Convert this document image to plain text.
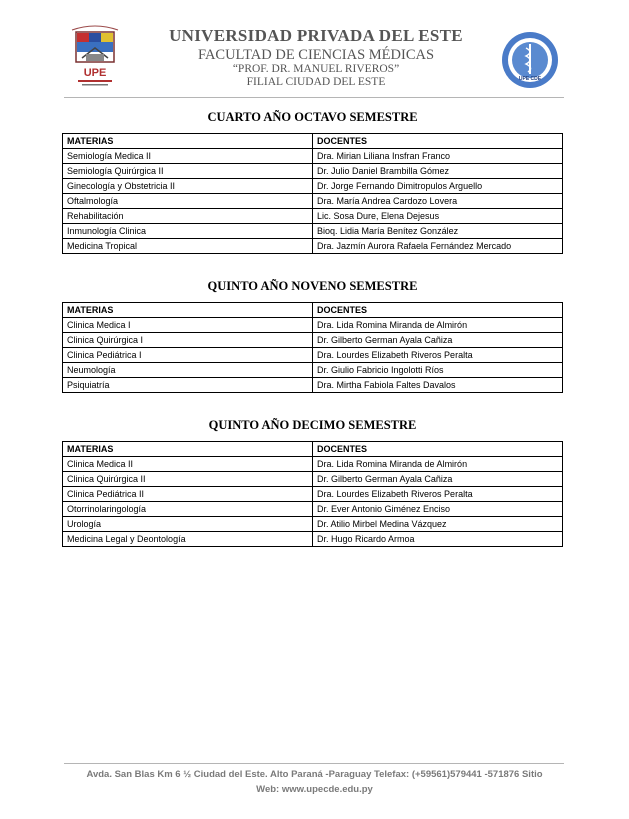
UPE
UNIVERSIDAD PRIVADA DEL ESTE
FACULTAD DE CIENCIAS MÉDICAS
“PROF. DR. MANUEL RIVEROS”
FILIAL CIUDAD DEL ESTE	UPE CDE
CUARTO AÑO OCTAVO SEMESTRE
MATERIAS	DOCENTES
Semiología Medica II	Dra. Mirian Liliana Insfran Franco
Semiología Quirúrgica II	Dr. Julio Daniel Brambilla Gómez
Ginecología y Obstetricia II	Dr. Jorge Fernando Dimitropulos Arguello
Oftalmología	Dra. María Andrea Cardozo Lovera
Rehabilitación	Lic. Sosa Dure, Elena Dejesus
Inmunología Clinica	Bioq. Lidia María Benítez González
Medicina Tropical	Dra. Jazmín Aurora Rafaela Fernández Mercado
QUINTO AÑO NOVENO SEMESTRE
MATERIAS	DOCENTES
Clinica Medica I	Dra. Lida Romina Miranda de Almirón
Clinica Quirúrgica I	Dr. Gilberto German Ayala Cañiza
Clinica Pediátrica I	Dra. Lourdes Elizabeth Riveros Peralta
Neumología	Dr. Giulio Fabricio Ingolotti Ríos
Psiquiatría	Dra. Mirtha Fabiola Faltes Davalos
QUINTO AÑO DECIMO SEMESTRE
MATERIAS	DOCENTES
Clinica Medica II	Dra. Lida Romina Miranda de Almirón
Clinica Quirúrgica II	Dr. Gilberto German Ayala Cañiza
Clinica Pediátrica II	Dra. Lourdes Elizabeth Riveros Peralta
Otorrinolaringología	Dr. Ever Antonio Giménez Enciso
Urología	Dr. Atilio Mirbel Medina Vázquez
Medicina Legal y Deontología	Dr. Hugo Ricardo Armoa
Avda. San Blas Km 6 ½ Ciudad del Este. Alto Paraná -Paraguay Telefax: (+59561)579441 -571876 Sitio
Web: www.upecde.edu.py
